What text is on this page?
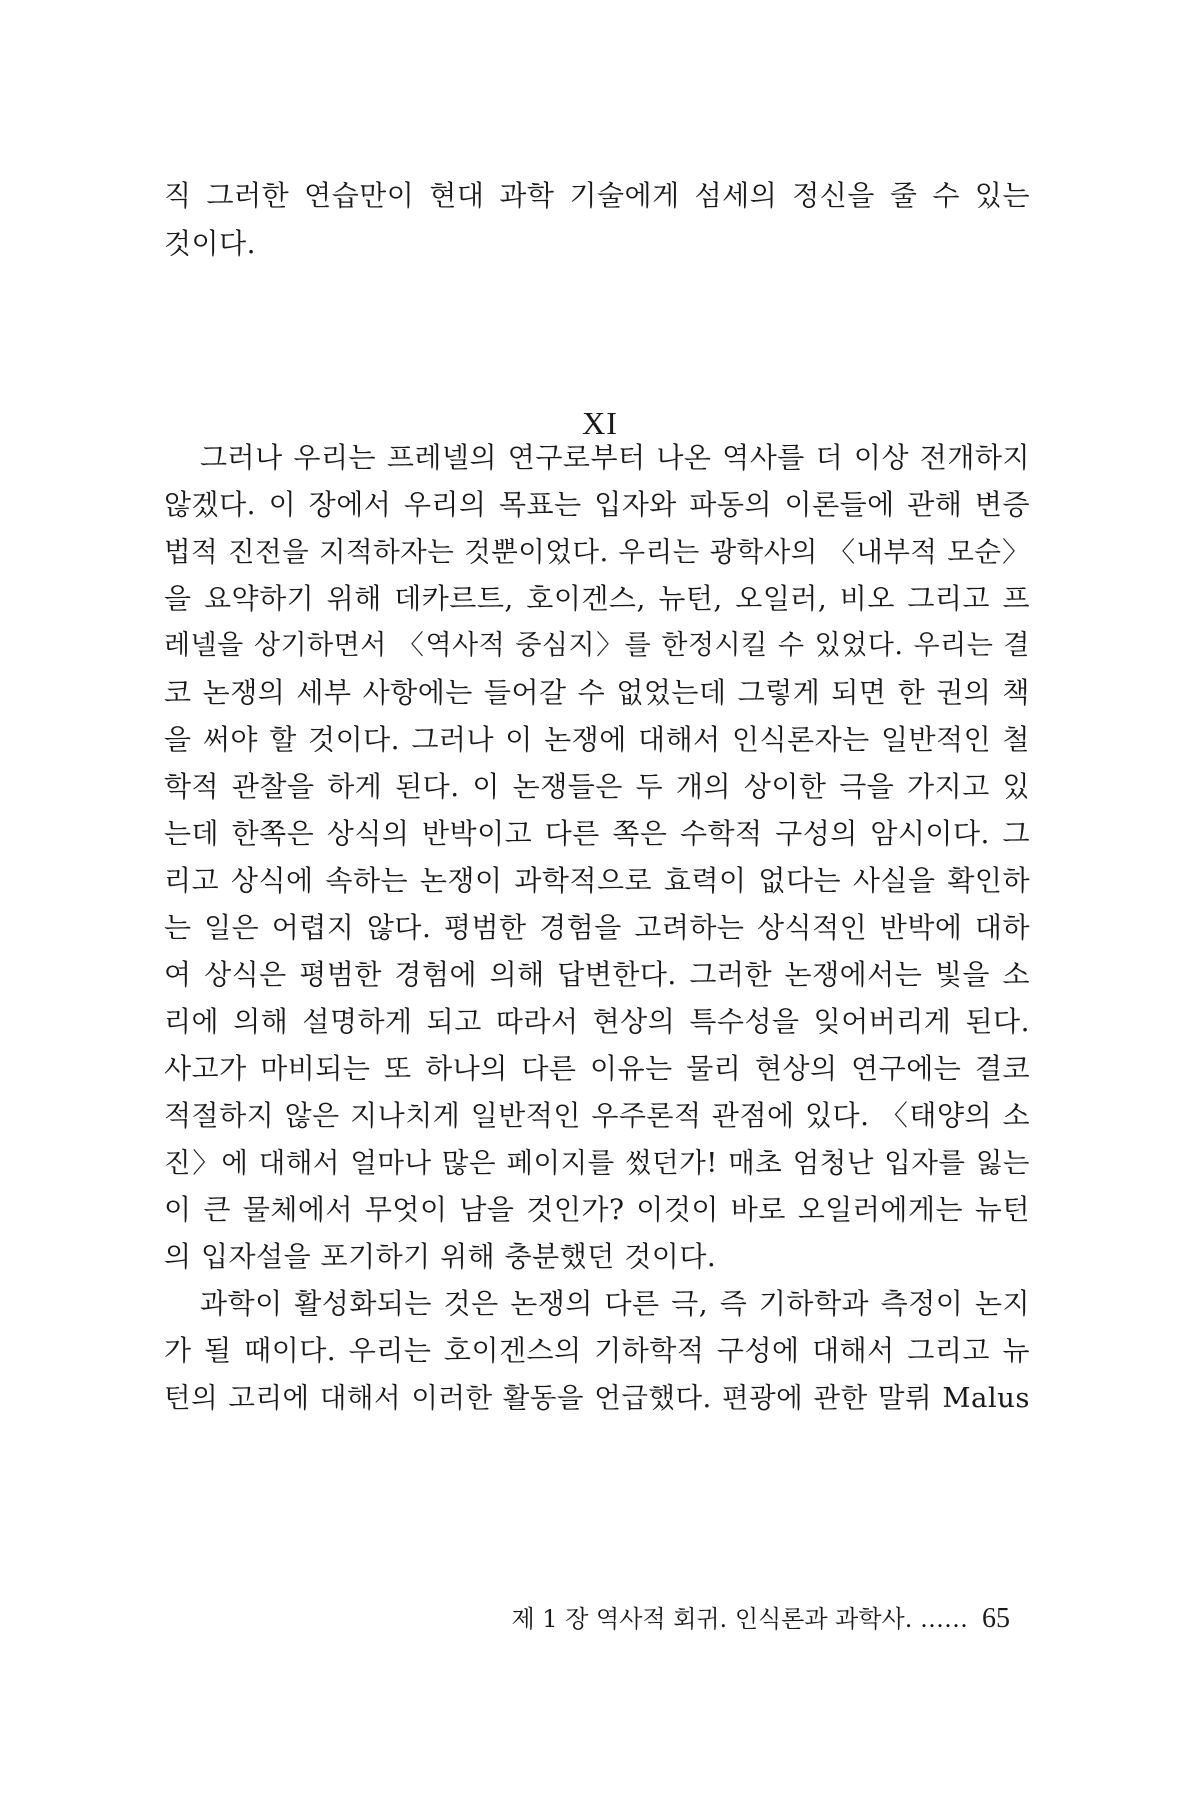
직 그러한 연습만이 현대 과학 기술에게 섬세의 정신을 줄 수 있는
것이다.
XI
그러나 우리는 프레넬의 연구로부터 나온 역사를 더 이상 전개하지
않겠다. 이 장에서 우리의 목표는 입자와 파동의 이론들에 관해 변증
법적 진전을 지적하자는 것뿐이었다. 우리는 광학사의 〈내부적 모순〉
을 요약하기 위해 데카르트, 호이겐스, 뉴턴, 오일러, 비오 그리고 프
레넬을 상기하면서 〈역사적 중심지〉를 한정시킬 수 있었다. 우리는 결
코 논쟁의 세부 사항에는 들어갈 수 없었는데 그렇게 되면 한 권의 책
을 써야 할 것이다. 그러나 이 논쟁에 대해서 인식론자는 일반적인 철
학적 관찰을 하게 된다. 이 논쟁들은 두 개의 상이한 극을 가지고 있
는데 한쪽은 상식의 반박이고 다른 쪽은 수학적 구성의 암시이다. 그
리고 상식에 속하는 논쟁이 과학적으로 효력이 없다는 사실을 확인하
는 일은 어렵지 않다. 평범한 경험을 고려하는 상식적인 반박에 대하
여 상식은 평범한 경험에 의해 답변한다. 그러한 논쟁에서는 빛을 소
리에 의해 설명하게 되고 따라서 현상의 특수성을 잊어버리게 된다.
사고가 마비되는 또 하나의 다른 이유는 물리 현상의 연구에는 결코
적절하지 않은 지나치게 일반적인 우주론적 관점에 있다. 〈태양의 소
진〉에 대해서 얼마나 많은 페이지를 썼던가! 매초 엄청난 입자를 잃는
이 큰 물체에서 무엇이 남을 것인가? 이것이 바로 오일러에게는 뉴턴
의 입자설을 포기하기 위해 충분했던 것이다.
과학이 활성화되는 것은 논쟁의 다른 극, 즉 기하학과 측정이 논지
가 될 때이다. 우리는 호이겐스의 기하학적 구성에 대해서 그리고 뉴
턴의 고리에 대해서 이러한 활동을 언급했다. 편광에 관한 말뤼 Malus
제 1 장 역사적 회귀. 인식론과 과학사. …… 65
